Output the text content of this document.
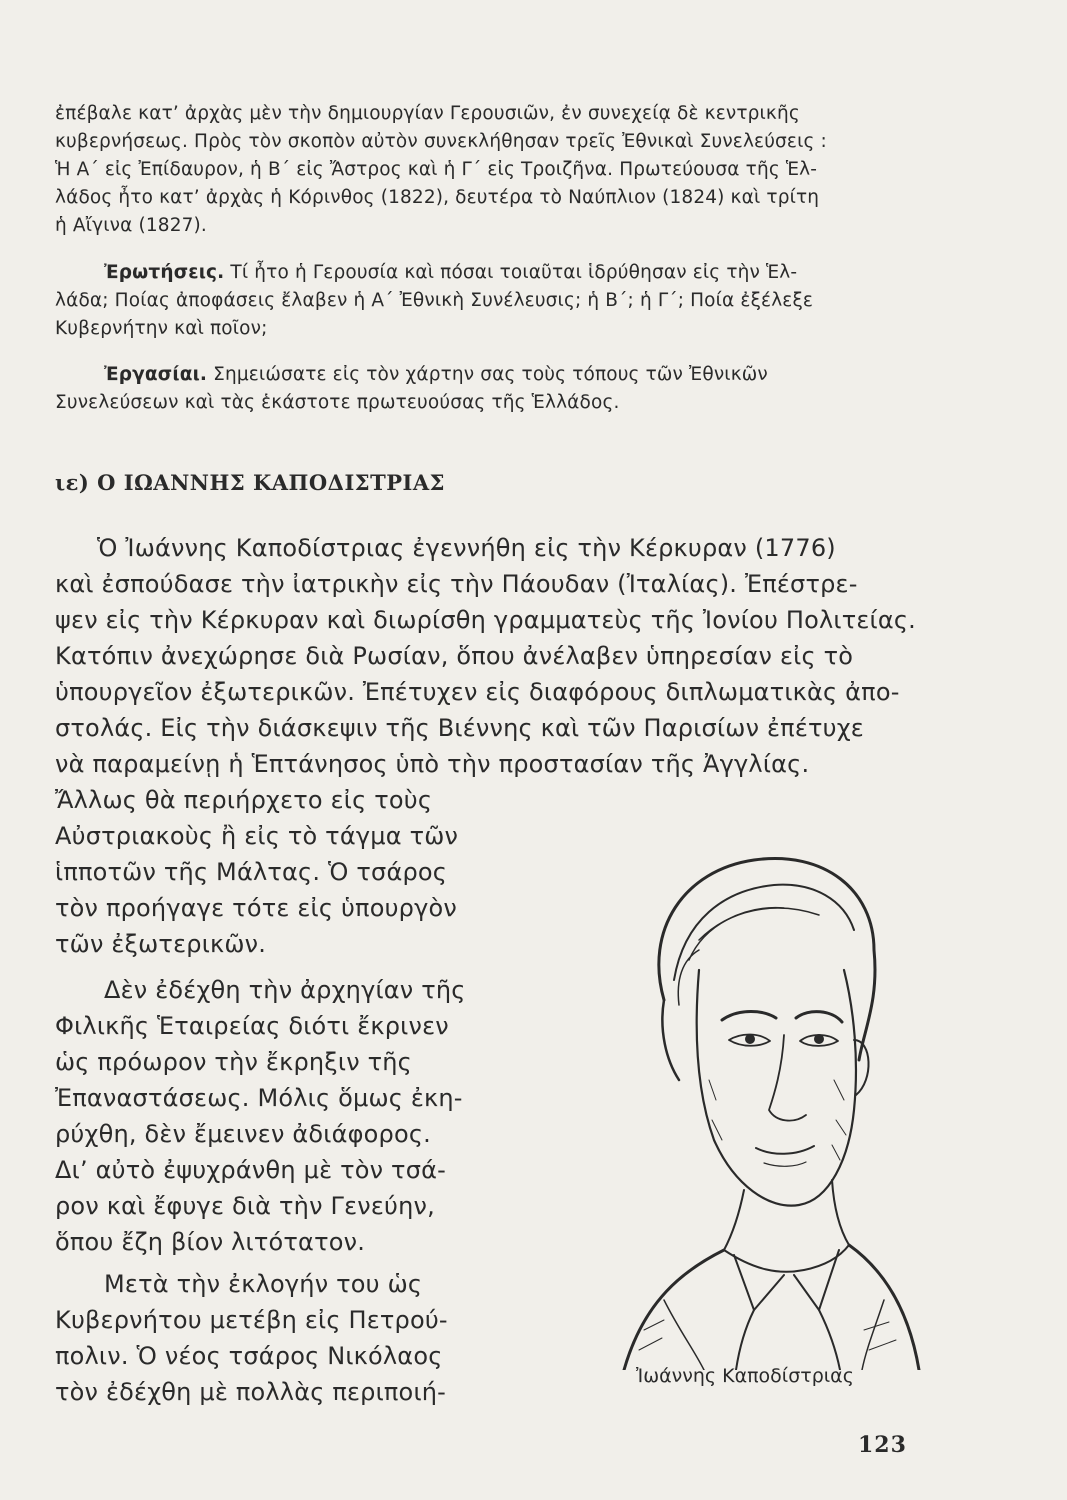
ἐπέβαλε κατ’ ἀρχὰς μὲν τὴν δημιουργίαν Γερουσιῶν, ἐν συνεχείᾳ δὲ κεντρικῆς

κυβερνήσεως. Πρὸς τὸν σκοπὸν αὐτὸν συνεκλήθησαν τρεῖς Ἐθνικαὶ Συνελεύσεις :

Ἡ Α΄ εἰς Ἐπίδαυρον, ἡ Β΄ εἰς Ἄστρος καὶ ἡ Γ΄ εἰς Τροιζῆνα. Πρωτεύουσα τῆς Ἑλ-

λάδος ἦτο κατ’ ἀρχὰς ἡ Κόρινθος (1822), δευτέρα τὸ Ναύπλιον (1824) καὶ τρίτη

ἡ Αἴγινα (1827).

Ἐρωτήσεις. Τί ἦτο ἡ Γερουσία καὶ πόσαι τοιαῦται ἱδρύθησαν εἰς τὴν Ἑλ-

λάδα; Ποίας ἀποφάσεις ἔλαβεν ἡ Α΄ Ἐθνικὴ Συνέλευσις; ἡ Β΄; ἡ Γ΄; Ποία ἐξέλεξε

Κυβερνήτην καὶ ποῖον;

Ἐργασίαι. Σημειώσατε εἰς τὸν χάρτην σας τοὺς τόπους τῶν Ἐθνικῶν

Συνελεύσεων καὶ τὰς ἑκάστοτε πρωτευούσας τῆς Ἑλλάδος.

ιε) Ο ΙΩΑΝΝΗΣ ΚΑΠΟΔΙΣΤΡΙΑΣ

Ὁ Ἰωάννης Καποδίστριας ἐγεννήθη εἰς τὴν Κέρκυραν (1776)

καὶ ἐσπούδασε τὴν ἰατρικὴν εἰς τὴν Πάουδαν (Ἰταλίας). Ἐπέστρε-

ψεν εἰς τὴν Κέρκυραν καὶ διωρίσθη γραμματεὺς τῆς Ἰονίου Πολιτείας.

Κατόπιν ἀνεχώρησε διὰ Ρωσίαν, ὅπου ἀνέλαβεν ὑπηρεσίαν εἰς τὸ

ὑπουργεῖον ἐξωτερικῶν. Ἐπέτυχεν εἰς διαφόρους διπλωματικὰς ἀπο-

στολάς. Εἰς τὴν διάσκεψιν τῆς Βιέννης καὶ τῶν Παρισίων ἐπέτυχε

νὰ παραμείνῃ ἡ Ἑπτάνησος ὑπὸ τὴν προστασίαν τῆς Ἀγγλίας.

Ἄλλως θὰ περιήρχετο εἰς τοὺς

Αὐστριακοὺς ἢ εἰς τὸ τάγμα τῶν

ἱπποτῶν τῆς Μάλτας. Ὁ τσάρος

τὸν προήγαγε τότε εἰς ὑπουργὸν

τῶν ἐξωτερικῶν.

Δὲν ἐδέχθη τὴν ἀρχηγίαν τῆς

Φιλικῆς Ἑταιρείας διότι ἔκρινεν

ὡς πρόωρον τὴν ἔκρηξιν τῆς

Ἐπαναστάσεως. Μόλις ὅμως ἐκη-

ρύχθη, δὲν ἔμεινεν ἀδιάφορος.

Δι’ αὐτὸ ἐψυχράνθη μὲ τὸν τσά-

ρον καὶ ἔφυγε διὰ τὴν Γενεύην,

ὅπου ἔζη βίον λιτότατον.

Μετὰ τὴν ἐκλογήν του ὡς

Κυβερνήτου μετέβη εἰς Πετρού-

πολιν. Ὁ νέος τσάρος Νικόλαος

τὸν ἐδέχθη μὲ πολλὰς περιποιή-

Ἰωάννης Καποδίστριας

123
